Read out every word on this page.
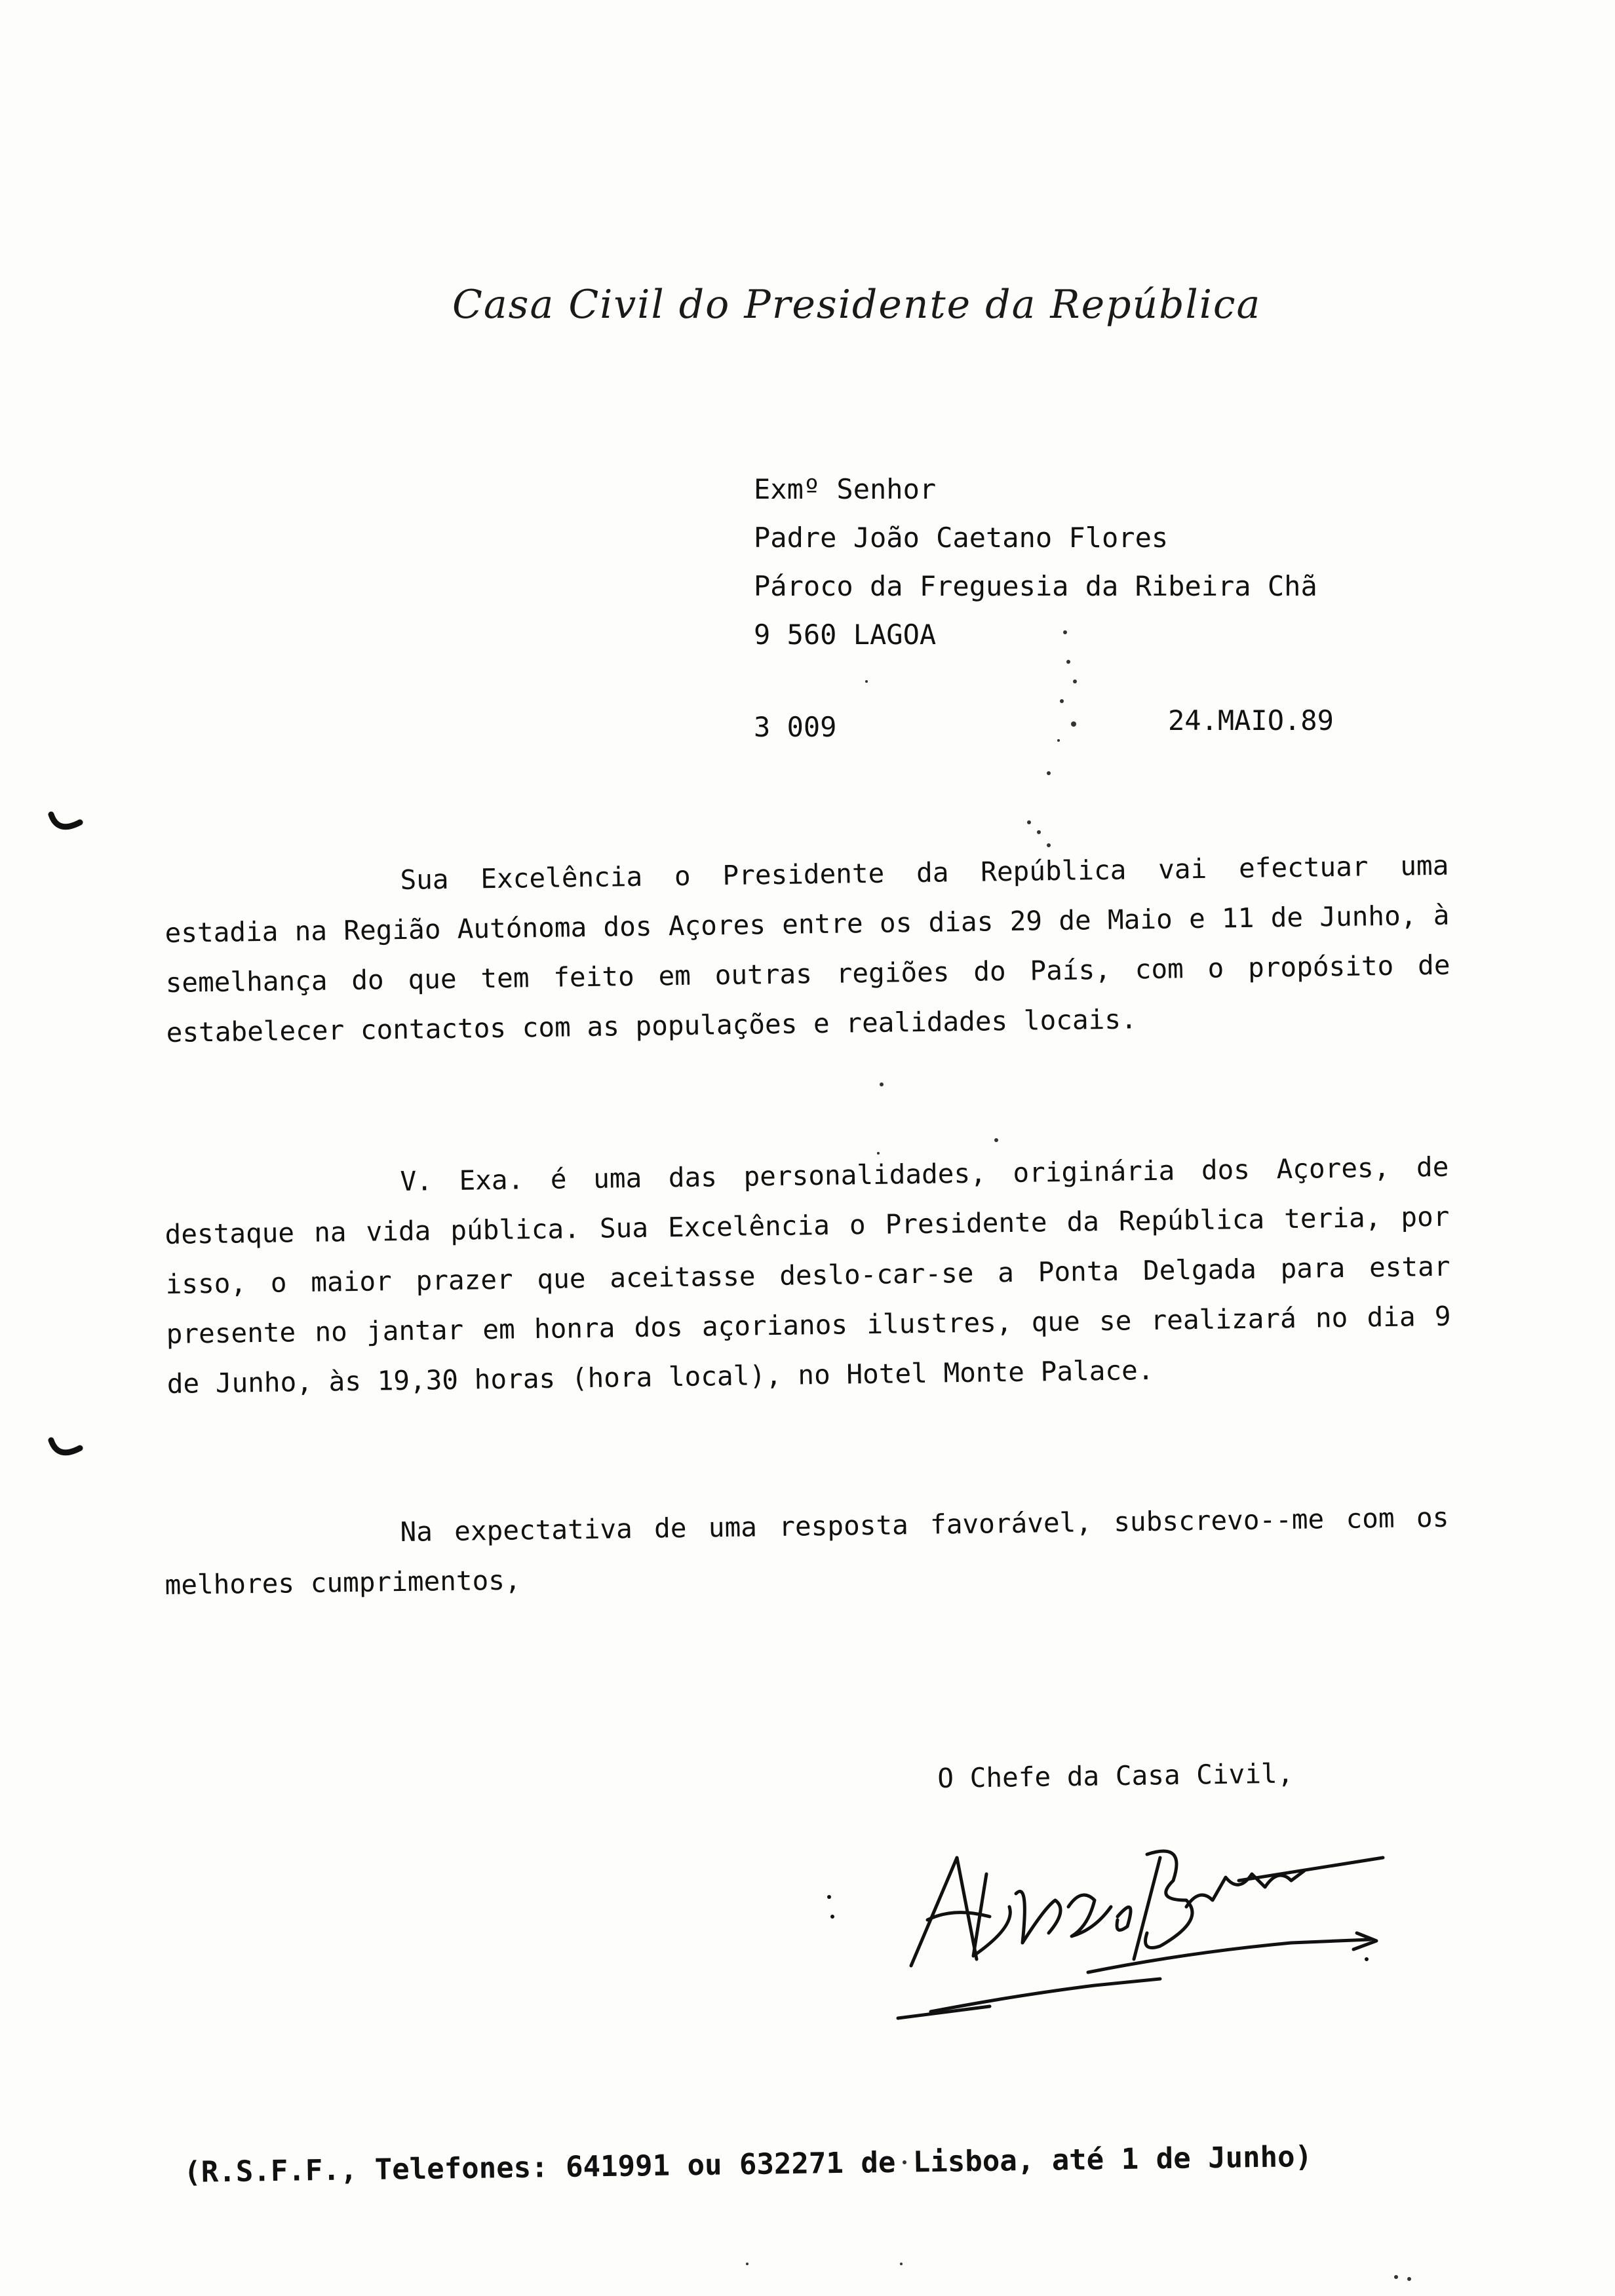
Casa Civil do Presidente da República
Exmº Senhor
Padre João Caetano Flores
Pároco da Freguesia da Ribeira Chã
9 560 LAGOA
3 009	24.MAIO.89

Sua Excelência o Presidente da República vai efectuar uma estadia na Região Autónoma dos Açores entre os dias 29 de Maio e 11 de Junho, à semelhança do que tem feito em outras regiões do País, com o propósito de estabelecer contactos com as populações e realidades locais.

V. Exa. é uma das personalidades, originária dos Açores, de destaque na vida pública. Sua Excelência o Presidente da República teria, por isso, o maior prazer que aceitasse deslo-car-se a Ponta Delgada para estar presente no jantar em honra dos açorianos ilustres, que se realizará no dia 9 de Junho, às 19,30 horas (hora local), no Hotel Monte Palace.

Na expectativa de uma resposta favorável, subscrevo--me com os melhores cumprimentos,

O Chefe da Casa Civil,
(R.S.F.F., Telefones: 641991 ou 632271 de Lisboa, até 1 de Junho)
